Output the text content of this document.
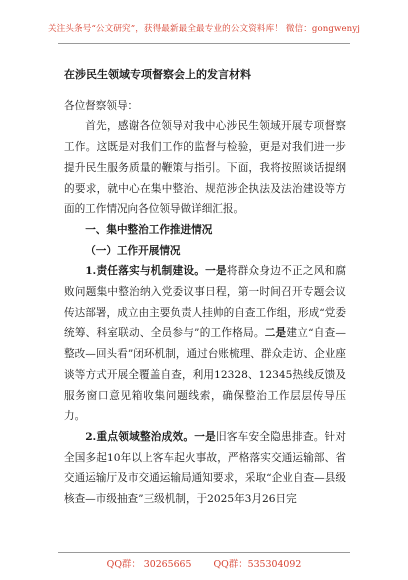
关注头条号“公文研究”，获得最新最全最专业的公文资料库！ 微信：gongwenyj

在涉民生领域专项督察会上的发言材料

各位督察领导：

首先，感谢各位领导对我中心涉民生领域开展专项督察工作。这既是对我们工作的监督与检验，更是对我们进一步提升民生服务质量的鞭策与指引。下面，我将按照谈话提纲的要求，就中心在集中整治、规范涉企执法及法治建设等方面的工作情况向各位领导做详细汇报。

一、集中整治工作推进情况

（一）工作开展情况

1.责任落实与机制建设。一是将群众身边不正之风和腐败问题集中整治纳入党委议事日程，第一时间召开专题会议传达部署，成立由主要负责人挂帅的自查工作组，形成“党委统筹、科室联动、全员参与”的工作格局。二是建立“自查—整改—回头看”闭环机制，通过台账梳理、群众走访、企业座谈等方式开展全覆盖自查，利用12328、12345热线反馈及服务窗口意见箱收集问题线索，确保整治工作层层传导压力。

2.重点领域整治成效。一是旧客车安全隐患排查。针对全国多起10年以上客车起火事故，严格落实交通运输部、省交通运输厅及市交通运输局通知要求，采取“企业自查—县级核查—市级抽查”三级机制，于2025年3月26日完

QQ群： 30265665 QQ群：535304092
